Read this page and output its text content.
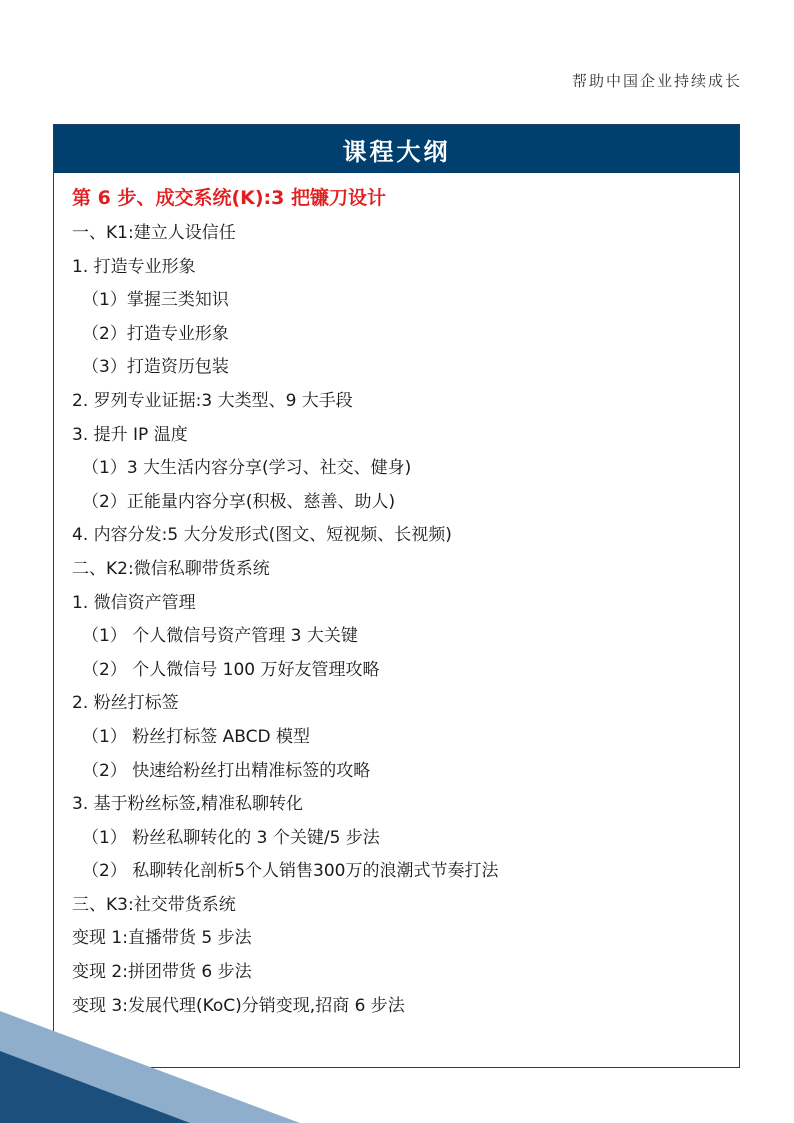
帮助中国企业持续成长
课程大纲
第 6 步、成交系统(K):3 把镰刀设计
一、K1:建立人设信任
1. 打造专业形象
（1）掌握三类知识
（2）打造专业形象
（3）打造资历包装
2. 罗列专业证据:3 大类型、9 大手段
3. 提升 IP 温度
（1）3 大生活内容分享(学习、社交、健身)
（2）正能量内容分享(积极、慈善、助人)
4. 内容分发:5 大分发形式(图文、短视频、长视频)
二、K2:微信私聊带货系统
1. 微信资产管理
（1） 个人微信号资产管理 3 大关键
（2） 个人微信号 100 万好友管理攻略
2. 粉丝打标签
（1） 粉丝打标签 ABCD 模型
（2） 快速给粉丝打出精准标签的攻略
3. 基于粉丝标签,精准私聊转化
（1） 粉丝私聊转化的 3 个关键/5 步法
（2） 私聊转化剖析5个人销售300万的浪潮式节奏打法
三、K3:社交带货系统
变现 1:直播带货 5 步法
变现 2:拼团带货 6 步法
变现 3:发展代理(KoC)分销变现,招商 6 步法
